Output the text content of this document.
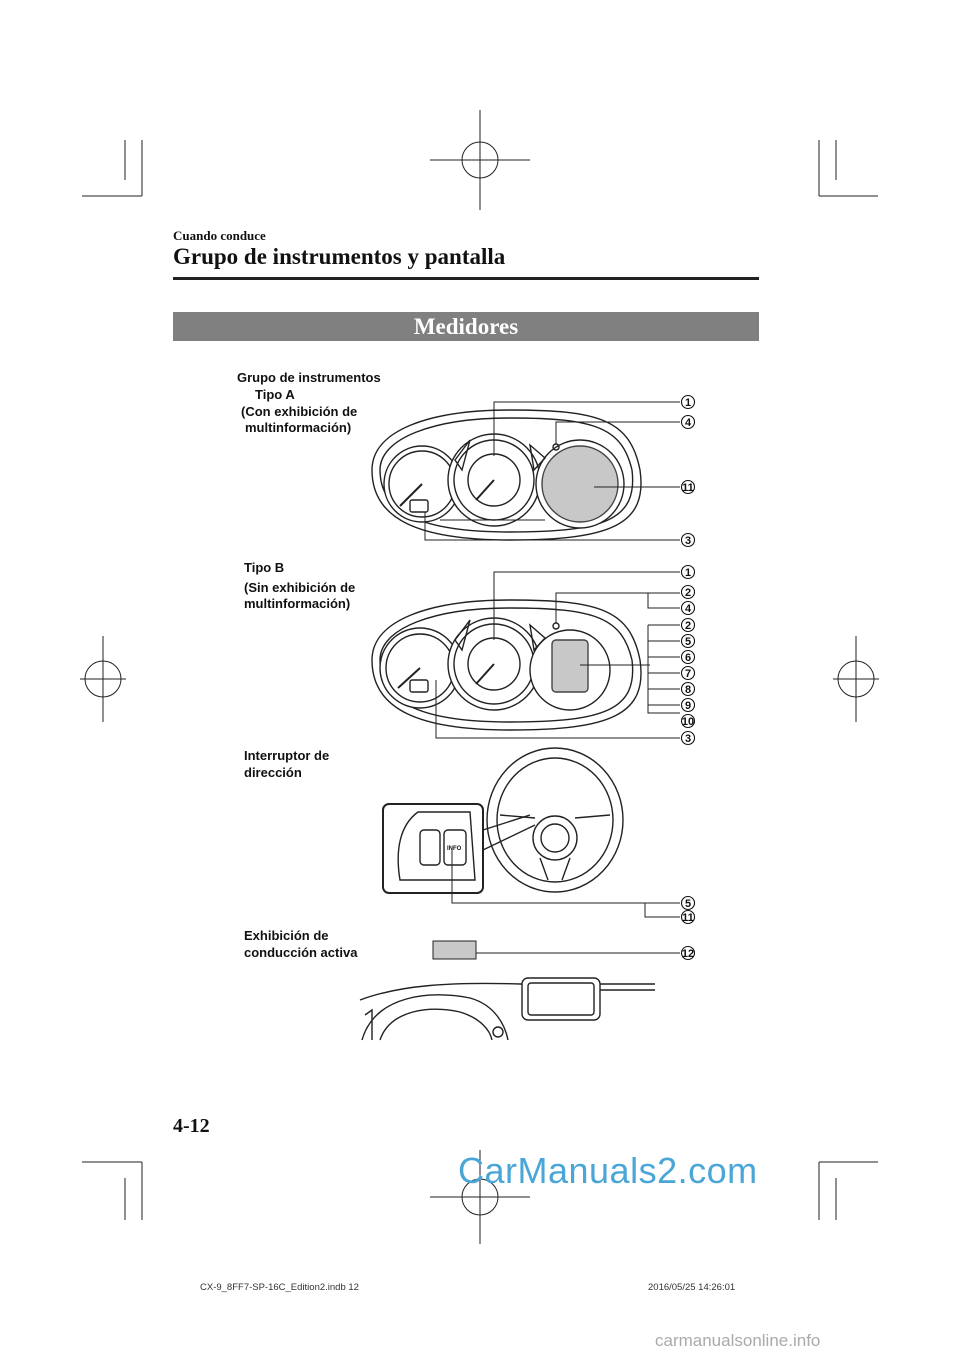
Cuando conduce
Grupo de instrumentos y pantalla
Medidores
Grupo de instrumentos
Tipo A
(Con exhibición de
multinformación)
Tipo B
(Sin exhibición de
multinformación)
Interruptor de
dirección
Exhibición de
conducción activa
INFO
1
4
11
3
1
2
4
2
5
6
7
8
9
10
3
5
11
12
4-12
CarManuals2.com
CX-9_8FF7-SP-16C_Edition2.indb 12	2016/05/25 14:26:01
carmanualsonline.info
